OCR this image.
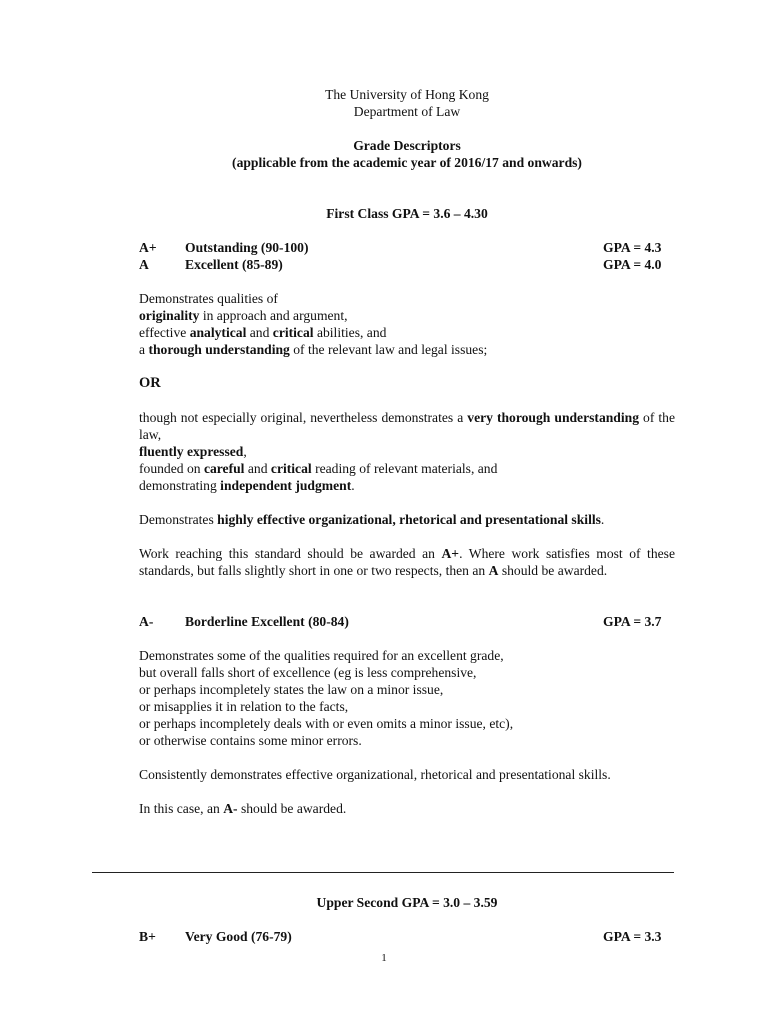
The University of Hong Kong
Department of Law
Grade Descriptors
(applicable from the academic year of 2016/17 and onwards)
First Class GPA = 3.6 – 4.30
A+	Outstanding (90-100)	GPA = 4.3
A	Excellent (85-89)	GPA = 4.0
Demonstrates qualities of
originality in approach and argument,
effective analytical and critical abilities, and
a thorough understanding of the relevant law and legal issues;
OR

though not especially original, nevertheless demonstrates a very thorough understanding of the law,

fluently expressed,
founded on careful and critical reading of relevant materials, and
demonstrating independent judgment.
Demonstrates highly effective organizational, rhetorical and presentational skills.

Work reaching this standard should be awarded an A+. Where work satisfies most of these standards, but falls slightly short in one or two respects, then an A should be awarded.

A-	Borderline Excellent (80-84)	GPA = 3.7
Demonstrates some of the qualities required for an excellent grade,
but overall falls short of excellence (eg is less comprehensive,
or perhaps incompletely states the law on a minor issue,
or misapplies it in relation to the facts,
or perhaps incompletely deals with or even omits a minor issue, etc),
or otherwise contains some minor errors.

Consistently demonstrates effective organizational, rhetorical and presentational skills.

In this case, an A- should be awarded.
Upper Second GPA = 3.0 – 3.59
B+	Very Good (76-79)	GPA = 3.3
1
